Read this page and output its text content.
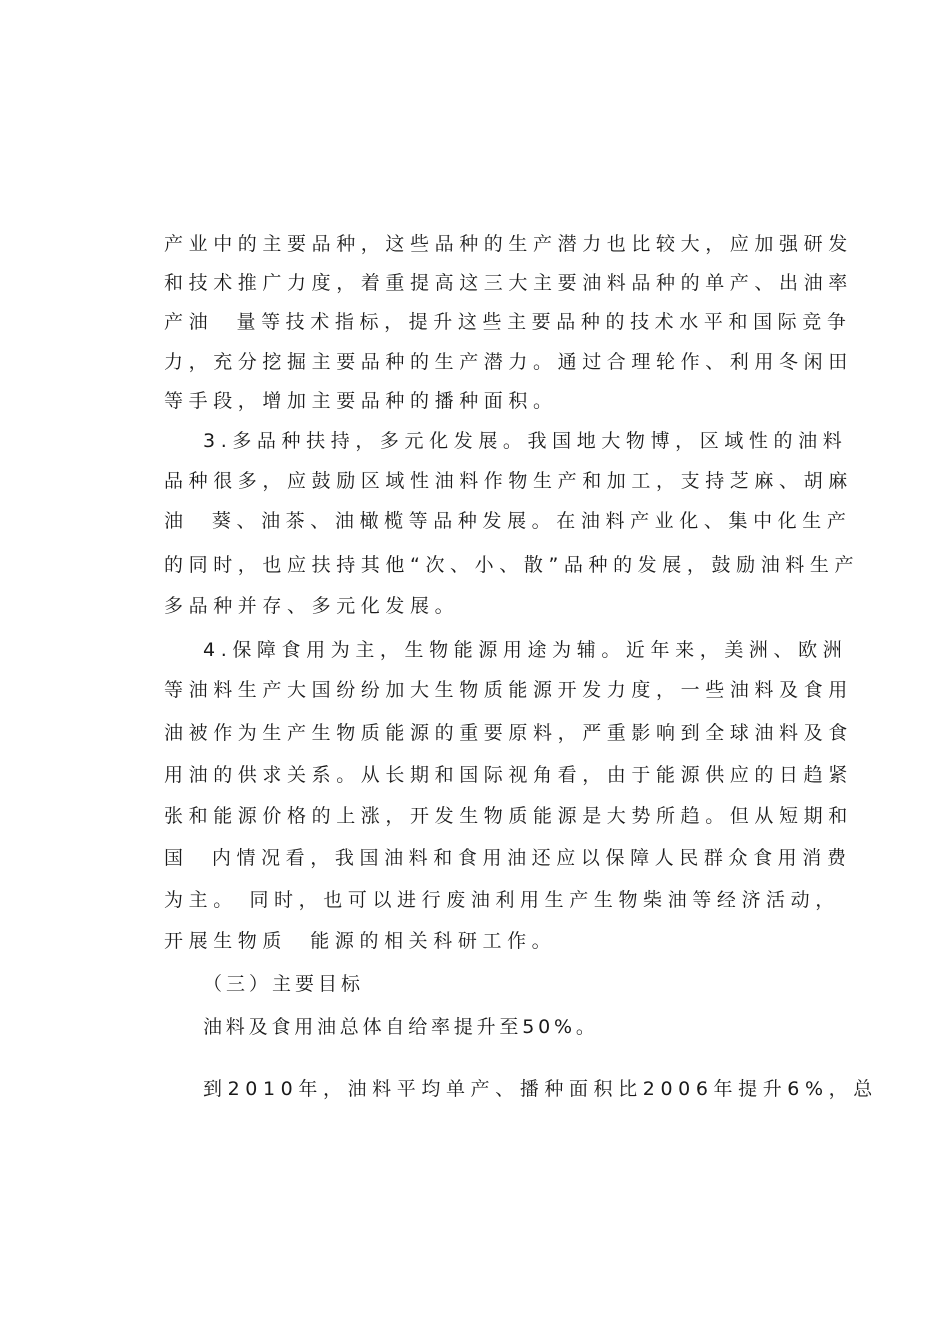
产业中的主要品种，这些品种的生产潜力也比较大，应加强研发
和技术推广力度，着重提高这三大主要油料品种的单产、出油率
产油  量等技术指标，提升这些主要品种的技术水平和国际竞争
力，充分挖掘主要品种的生产潜力。通过合理轮作、利用冬闲田
等手段，增加主要品种的播种面积。
3.多品种扶持，多元化发展。我国地大物博，区域性的油料
品种很多，应鼓励区域性油料作物生产和加工，支持芝麻、胡麻
油  葵、油茶、油橄榄等品种发展。在油料产业化、集中化生产
的同时，也应扶持其他“次、小、散”品种的发展，鼓励油料生产
多品种并存、多元化发展。
4.保障食用为主，生物能源用途为辅。近年来，美洲、欧洲
等油料生产大国纷纷加大生物质能源开发力度，一些油料及食用
油被作为生产生物质能源的重要原料，严重影响到全球油料及食
用油的供求关系。从长期和国际视角看，由于能源供应的日趋紧
张和能源价格的上涨，开发生物质能源是大势所趋。但从短期和
国  内情况看，我国油料和食用油还应以保障人民群众食用消费
为主。 同时，也可以进行废油利用生产生物柴油等经济活动，
开展生物质  能源的相关科研工作。
（三）主要目标
油料及食用油总体自给率提升至50%。
到2010年，油料平均单产、播种面积比2006年提升6%，总
